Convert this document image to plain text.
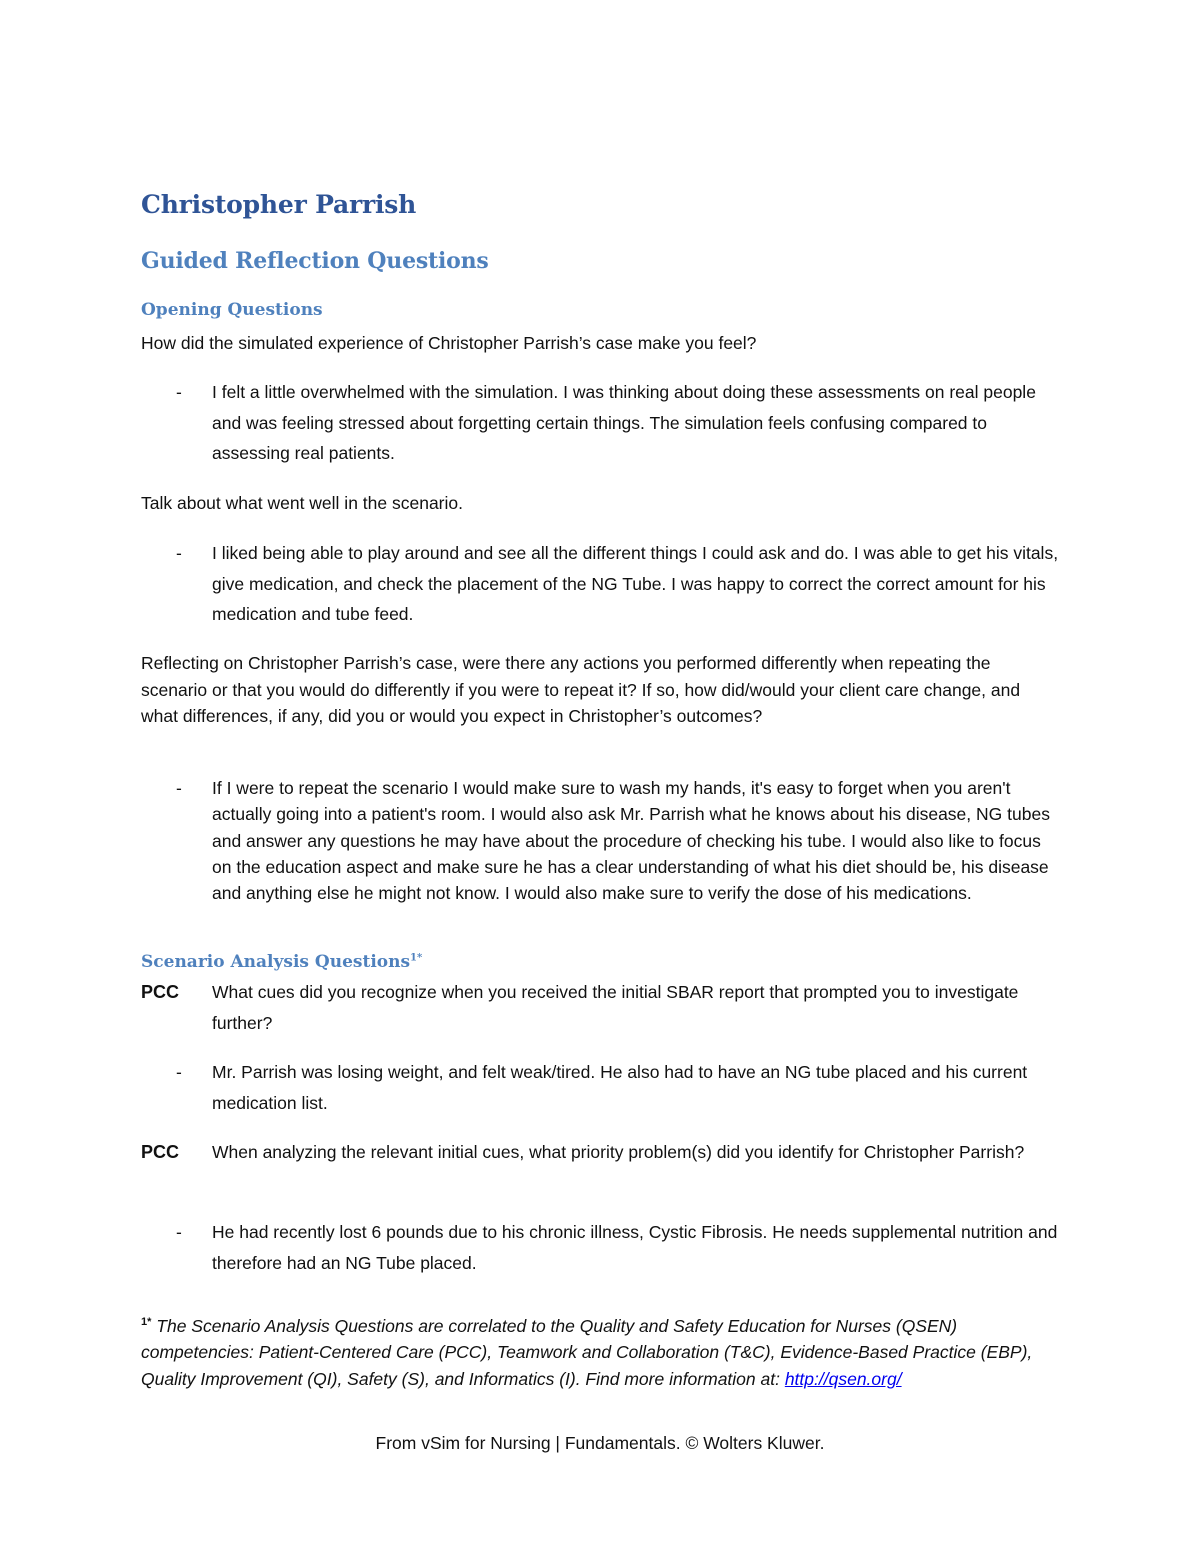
Christopher Parrish
Guided Reflection Questions
Opening Questions

How did the simulated experience of Christopher Parrish’s case make you feel?

- I felt a little overwhelmed with the simulation. I was thinking about doing these assessments on real people and was feeling stressed about forgetting certain things. The simulation feels confusing compared to assessing real patients.

Talk about what went well in the scenario.

- I liked being able to play around and see all the different things I could ask and do. I was able to get his vitals, give medication, and check the placement of the NG Tube. I was happy to correct the correct amount for his medication and tube feed.

Reflecting on Christopher Parrish’s case, were there any actions you performed differently when repeating the scenario or that you would do differently if you were to repeat it? If so, how did/would your client care change, and what differences, if any, did you or would you expect in Christopher’s outcomes?

- If I were to repeat the scenario I would make sure to wash my hands, it's easy to forget when you aren't actually going into a patient's room. I would also ask Mr. Parrish what he knows about his disease, NG tubes and answer any questions he may have about the procedure of checking his tube. I would also like to focus on the education aspect and make sure he has a clear understanding of what his diet should be, his disease and anything else he might not know. I would also make sure to verify the dose of his medications.
Scenario Analysis Questions$^{1*}$
PCC What cues did you recognize when you received the initial SBAR report that prompted you to investigate further?
- Mr. Parrish was losing weight, and felt weak/tired. He also had to have an NG tube placed and his current medication list.
PCC When analyzing the relevant initial cues, what priority problem(s) did you identify for Christopher Parrish?
- He had recently lost 6 pounds due to his chronic illness, Cystic Fibrosis. He needs supplemental nutrition and therefore had an NG Tube placed.

$^{1*}$ The Scenario Analysis Questions are correlated to the Quality and Safety Education for Nurses (QSEN) competencies: Patient-Centered Care (PCC), Teamwork and Collaboration (T&C), Evidence-Based Practice (EBP), Quality Improvement (QI), Safety (S), and Informatics (I). Find more information at: http://qsen.org/

From vSim for Nursing | Fundamentals. © Wolters Kluwer.
